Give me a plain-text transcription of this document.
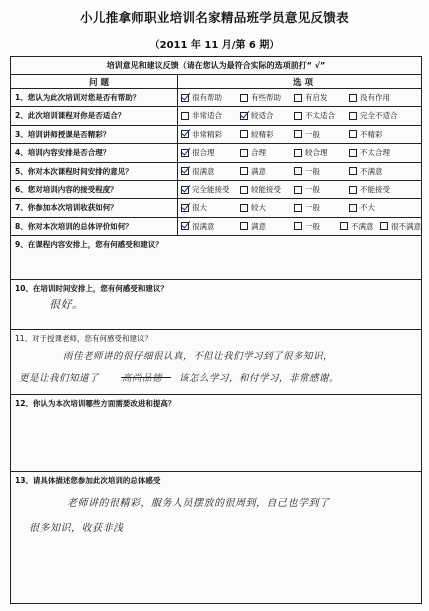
小儿推拿师职业培训名家精品班学员意见反馈表
（2011 年 11 月/第 6 期）
培训意见和建议反馈（请在您认为最符合实际的选项前打“ √”
问 题	选 项
1、您认为此次培训对您是否有帮助？	很有帮助	有些帮助	有启发	没有作用
2、此次培训课程对你是否适合？	非常适合	较适合	不太适合	完全不适合
3、培训讲师授课是否精彩？	非常精彩	较精彩	一般	不精彩
4、培训内容安排是否合理？	很合理	合理	较合理	不太合理
5、你对本次课程时间安排的意见？	很满意	满意	一般	不满意
6、您对培训内容的接受程度？	完全能接受	较能接受	一般	不能接受
7、你参加本次培训收获如何？	很大	较大	一般	不大
8、你对本次培训的总体评价如何？	很满意	满意	一般	不满意 很不满意
9、在课程内容安排上，您有何感受和建议？
10、在培训时间安排上，您有何感受和建议？
很好。
11、对于授课老师，您有何感受和建议？
雨佳老师讲的很仔细很认真，不但让我们学习到了很多知识，
更是让我们知道了 高尚品德 该怎么学习，和付学习，非常感谢。
12、你认为本次培训哪些方面需要改进和提高？
13、请具体描述您参加此次培训的总体感受
老师讲的很精彩，服务人员摆放的很周到，自己也学到了
很多知识，收获非浅
